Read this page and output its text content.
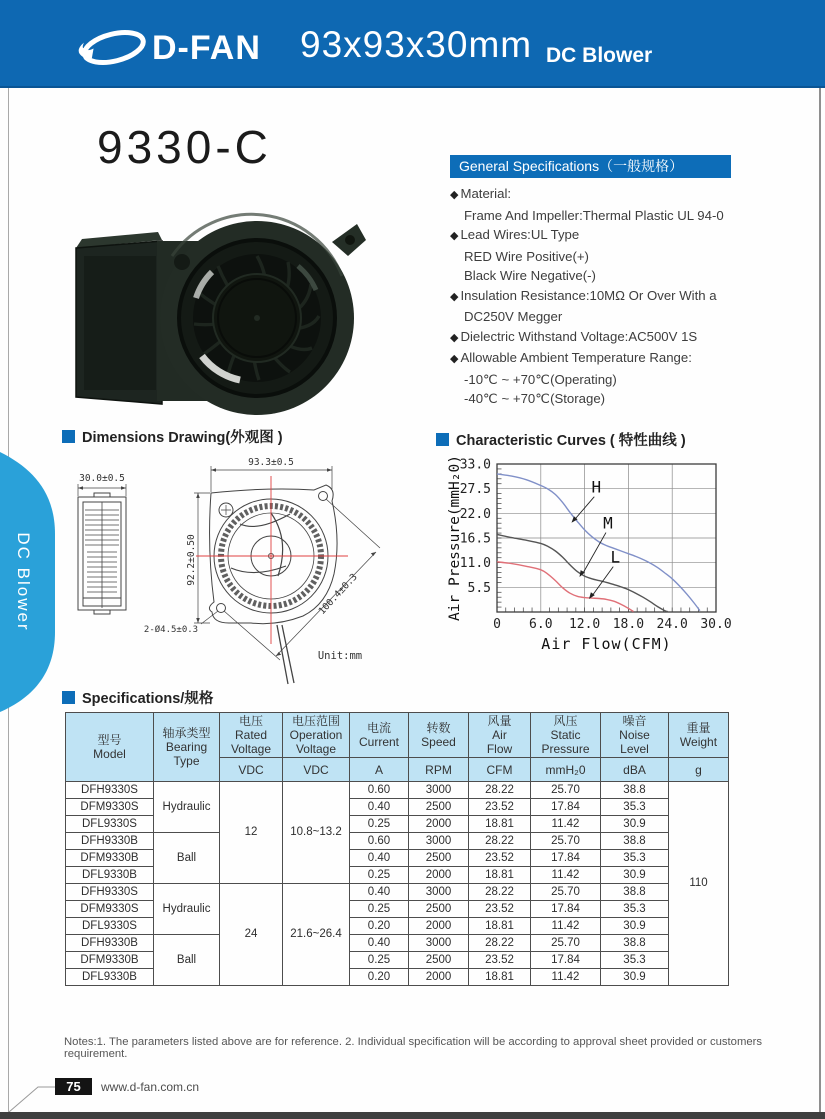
D-FAN 93x93x30mm DC Blower
DC Blower
9330-C	General Specifications（一般规格）
◆ Material:
Frame And Impeller:Thermal Plastic UL 94-0
◆ Lead Wires:UL Type
RED Wire Positive(+)
Black Wire Negative(-)
◆ Insulation Resistance:10MΩ Or Over With a
DC250V Megger
◆ Dielectric Withstand Voltage:AC500V 1S
◆ Allowable Ambient Temperature Range:
-10℃ ~ +70℃(Operating)
-40℃ ~ +70℃(Storage)
Dimensions Drawing(外观图 )
30.0±0.5
93.3±0.5
92.2±0.50
100.4±0.3
2-Ø4.5±0.3
Unit:mm
Characteristic Curves ( 特性曲线 )
0 6.0 12.0 18.0 24.0 30.0
5.5
11.0
16.5
22.0
27.5
33.0
Air Flow(CFM)
Air Pressure(mmH₂0)	H
M
L
Specifications/规格
型号
Model

轴承类型
Bearing
Type

电压
Rated
Voltage

电压范围
Operation
Voltage

电流
Current

转数
Speed

风量
Air
Flow

风压
Static
Pressure

噪音
Noise
Level

重量
Weight

		VDC	VDC	A	RPM	CFM	mmH₂0	dBA	g
DFH9330S	Hydraulic	12	10.8~13.2	0.60	3000	28.22	25.70	38.8	110
DFM9330S				0.40	2500	23.52	17.84	35.3	
DFL9330S				0.25	2000	18.81	11.42	30.9	
DFH9330B	Ball			0.60	3000	28.22	25.70	38.8	
DFM9330B				0.40	2500	23.52	17.84	35.3	
DFL9330B				0.25	2000	18.81	11.42	30.9	
DFH9330S	Hydraulic	24	21.6~26.4	0.40	3000	28.22	25.70	38.8	
DFM9330S				0.25	2500	23.52	17.84	35.3	
DFL9330S				0.20	2000	18.81	11.42	30.9	
DFH9330B	Ball			0.40	3000	28.22	25.70	38.8	
DFM9330B				0.25	2500	23.52	17.84	35.3	
DFL9330B				0.20	2000	18.81	11.42	30.9	
Notes:1. The parameters listed above are for reference. 2. Individual specification will be according to approval sheet provided or customers requirement.
75	www.d-fan.com.cn
